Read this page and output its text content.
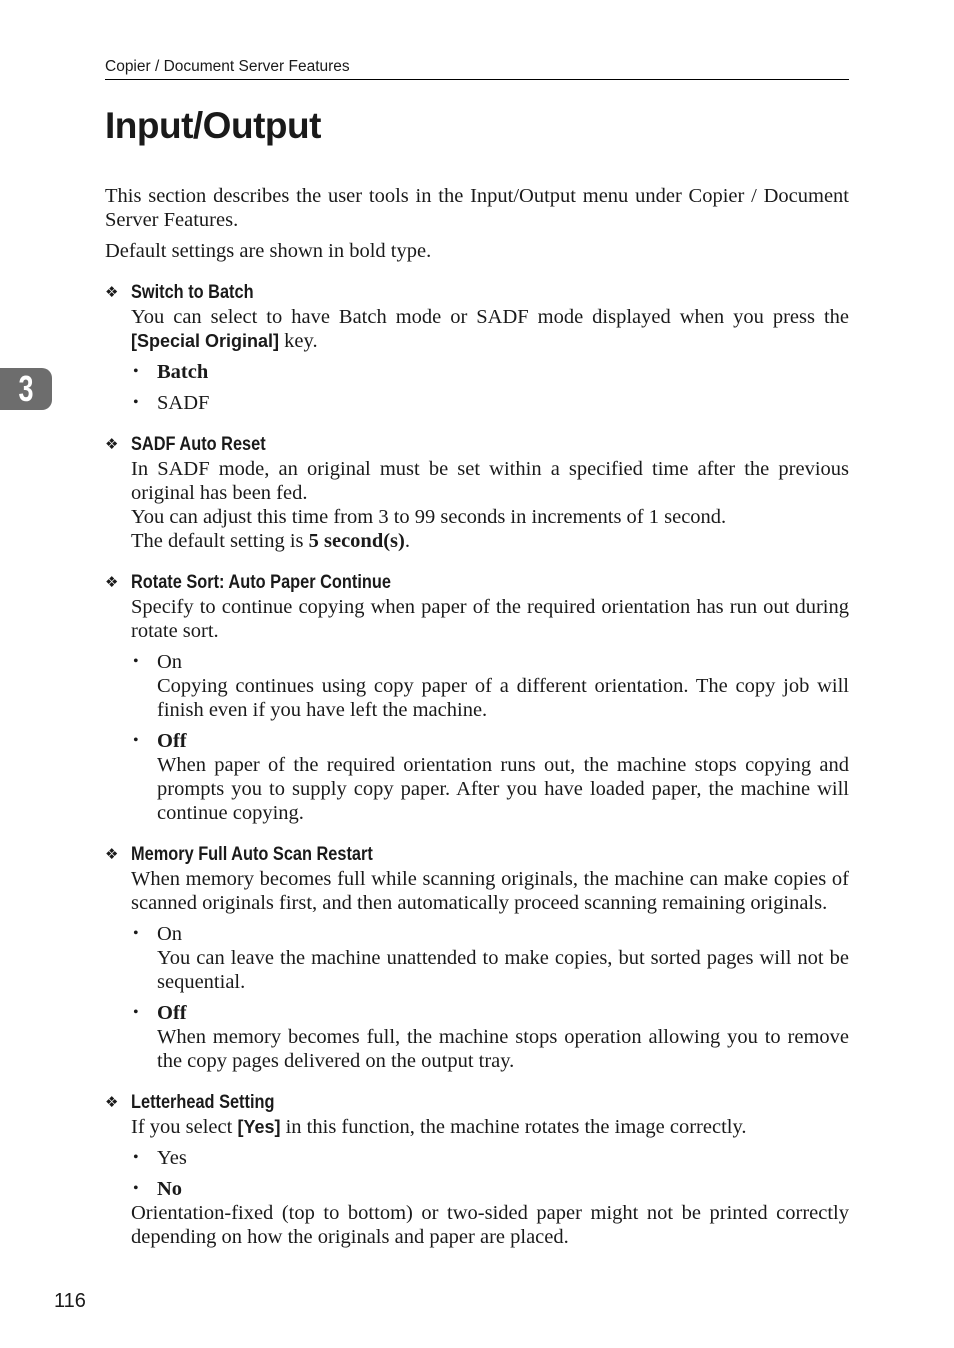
Copier / Document Server Features
Input/Output
3

This section describes the user tools in the Input/Output menu under Copier / Document Server Features.

Default settings are shown in bold type.

❖ Switch to Batch

You can select to have Batch mode or SADF mode displayed when you press the [Special Original] key.

• Batch
• SADF
❖ SADF Auto Reset

In SADF mode, an original must be set within a specified time after the previous original has been fed.

You can adjust this time from 3 to 99 seconds in increments of 1 second.

The default setting is 5 second(s).

❖ Rotate Sort: Auto Paper Continue

Specify to continue copying when paper of the required orientation has run out during rotate sort.

• On

Copying continues using copy paper of a different orientation. The copy job will finish even if you have left the machine.

• Off

When paper of the required orientation runs out, the machine stops copying and prompts you to supply copy paper. After you have loaded paper, the machine will continue copying.

❖ Memory Full Auto Scan Restart

When memory becomes full while scanning originals, the machine can make copies of scanned originals first, and then automatically proceed scanning remaining originals.

• On

You can leave the machine unattended to make copies, but sorted pages will not be sequential.

• Off

When memory becomes full, the machine stops operation allowing you to remove the copy pages delivered on the output tray.

❖ Letterhead Setting

If you select [Yes] in this function, the machine rotates the image correctly.

• Yes
• No

Orientation-fixed (top to bottom) or two-sided paper might not be printed correctly depending on how the originals and paper are placed.

116
